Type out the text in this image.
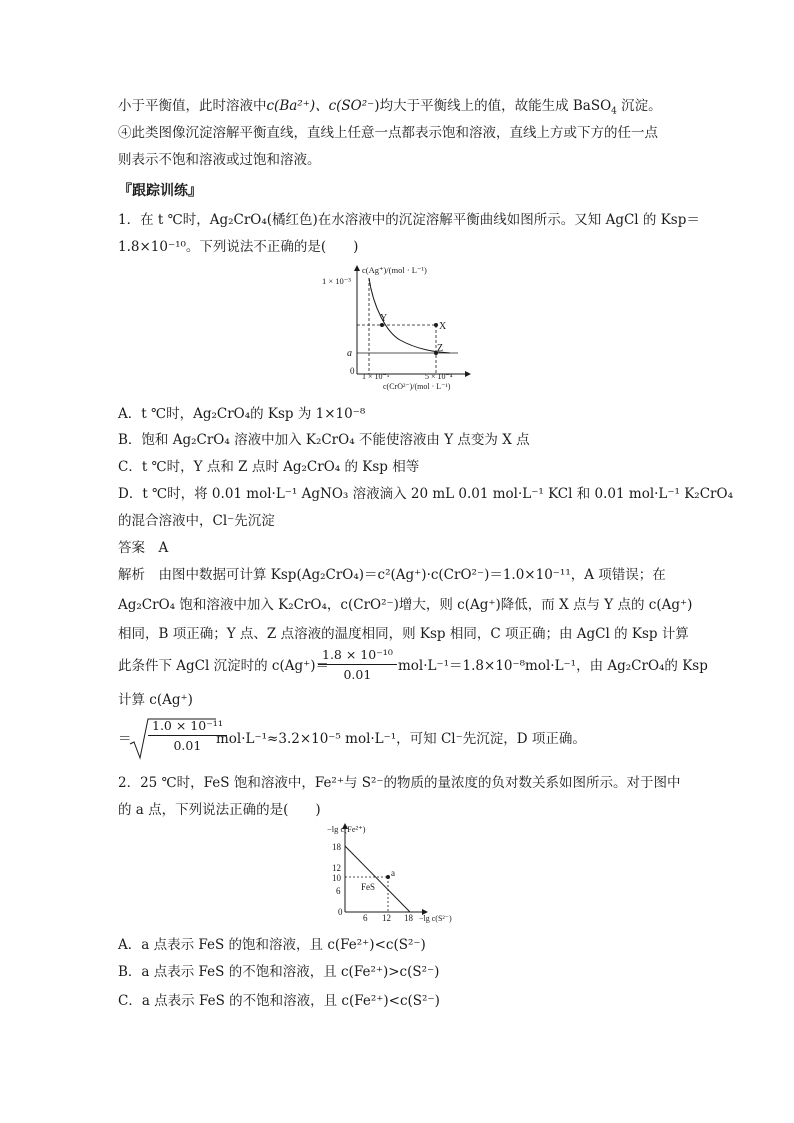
小于平衡值，此时溶液中c(Ba²⁺)、c(SO²⁻)均大于平衡线上的值，故能生成 BaSO$_4$ 沉淀。
④此类图像沉淀溶解平衡直线，直线上任意一点都表示饱和溶液，直线上方或下方的任一点
则表示不饱和溶液或过饱和溶液。
『跟踪训练』
1．在 t ℃时，Ag₂CrO₄(橘红色)在水溶液中的沉淀溶解平衡曲线如图所示。又知 AgCl 的 Ksp＝
1.8×10⁻¹⁰。下列说法不正确的是(　　)
c(Ag⁺)/(mol · L⁻¹)
1 × 10⁻³
a
0
1 × 10⁻⁵	5 × 10⁻⁴
c(CrO²⁻)/(mol · L⁻¹)
Y
X
Z
A．t ℃时，Ag₂CrO₄的 Ksp 为 1×10⁻⁸
B．饱和 Ag₂CrO₄ 溶液中加入 K₂CrO₄ 不能使溶液由 Y 点变为 X 点
C．t ℃时，Y 点和 Z 点时 Ag₂CrO₄ 的 Ksp 相等
D．t ℃时，将 0.01 mol·L⁻¹ AgNO₃ 溶液滴入 20 mL 0.01 mol·L⁻¹ KCl 和 0.01 mol·L⁻¹ K₂CrO₄
的混合溶液中，Cl⁻先沉淀
答案　A
解析　由图中数据可计算 Ksp(Ag₂CrO₄)＝c²(Ag⁺)·c(CrO²⁻)＝1.0×10⁻¹¹，A 项错误；在
Ag₂CrO₄ 饱和溶液中加入 K₂CrO₄，c(CrO²⁻)增大，则 c(Ag⁺)降低，而 X 点与 Y 点的 c(Ag⁺)
相同，B 项正确；Y 点、Z 点溶液的温度相同，则 Ksp 相同，C 项正确；由 AgCl 的 Ksp 计算
此条件下 AgCl 沉淀时的 c(Ag⁺)＝
$\frac{\text{1.8 × 10⁻¹⁰}}{0.01} mol\cdot L^{-1}=1.8\times 10^{-8}mol\cdot L^{-1}$，由 Ag₂CrO₄的 Ksp
计算 c(Ag⁺)
＝ $\frac{\text{1.0 × 10⁻¹¹}}{0.01}$
mol·L⁻¹≈3.2×10⁻⁵ mol·L⁻¹，可知 Cl⁻先沉淀，D 项正确。
2．25 ℃时，FeS 饱和溶液中，Fe²⁺与 S²⁻的物质的量浓度的负对数关系如图所示。对于图中
的 a 点，下列说法正确的是(　　)
−lg c(Fe²⁺)
−lg c(S²⁻)
18
12
10
6
0
6 12 18
a
FeS
A．a 点表示 FeS 的饱和溶液，且 c(Fe²⁺)<c(S²⁻)
B．a 点表示 FeS 的不饱和溶液，且 c(Fe²⁺)>c(S²⁻)
C．a 点表示 FeS 的不饱和溶液，且 c(Fe²⁺)<c(S²⁻)
